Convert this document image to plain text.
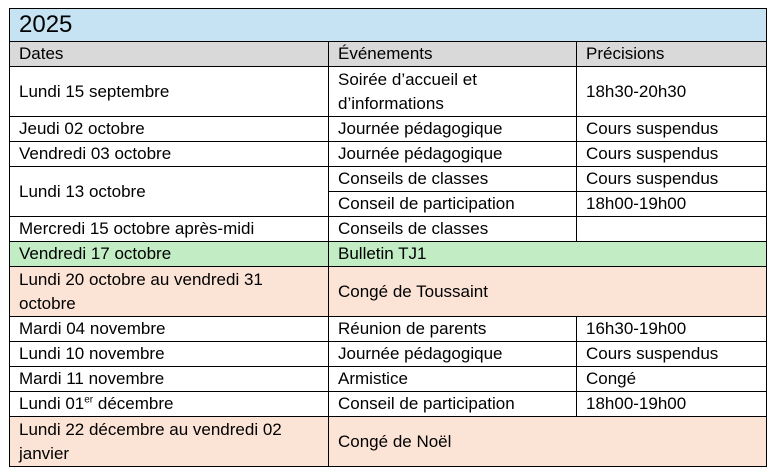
2025		
Dates	Événements	Précisions
Lundi 15 septembre	Soirée d’accueil et d’informations	18h30-20h30
Jeudi 02 octobre	Journée pédagogique	Cours suspendus
Vendredi 03 octobre	Journée pédagogique	Cours suspendus
Lundi 13 octobre	Conseils de classes	Cours suspendus
	Conseil de participation	18h00-19h00
Mercredi 15 octobre après-midi	Conseils de classes	
Vendredi 17 octobre	Bulletin TJ1	
Lundi 20 octobre au vendredi 31 octobre	Congé de Toussaint	
Mardi 04 novembre	Réunion de parents	16h30-19h00
Lundi 10 novembre	Journée pédagogique	Cours suspendus
Mardi 11 novembre	Armistice	Congé
Lundi 01er décembre	Conseil de participation	18h00-19h00
Lundi 22 décembre au vendredi 02 janvier	Congé de Noël	
